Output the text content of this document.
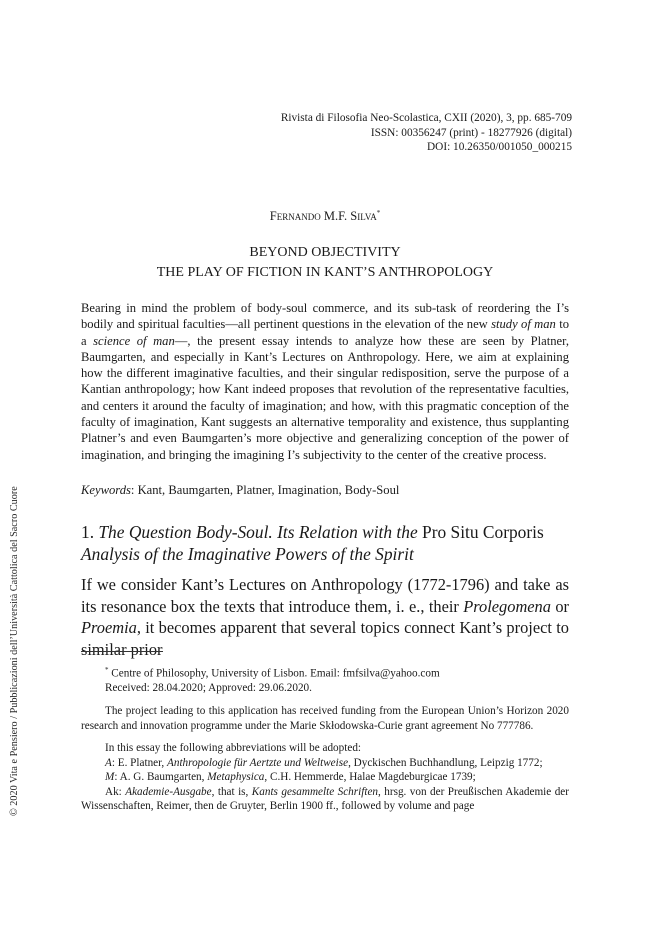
© 2020 Vita e Pensiero / Pubblicazioni dell’Università Cattolica del Sacro Cuore
Rivista di Filosofia Neo-Scolastica, CXII (2020), 3, pp. 685-709
ISSN: 00356247 (print) - 18277926 (digital)
DOI: 10.26350/001050_000215
Fernando M.F. Silva*
BEYOND OBJECTIVITY
THE PLAY OF FICTION IN KANT’S ANTHROPOLOGY
Bearing in mind the problem of body-soul commerce, and its sub-task of reordering the I’s bodily and spiritual faculties—all pertinent questions in the elevation of the new study of man to a science of man—, the present essay intends to analyze how these are seen by Platner, Baumgarten, and especially in Kant’s Lectures on Anthropology. Here, we aim at explaining how the different imaginative faculties, and their singular redisposition, serve the purpose of a Kantian anthropology; how Kant indeed proposes that revolution of the representative faculties, and centers it around the faculty of imagination; and how, with this pragmatic conception of the faculty of imagination, Kant suggests an alternative temporality and existence, thus supplanting Platner’s and even Baumgarten’s more objective and generalizing conception of the power of imagination, and bringing the imagining I’s subjectivity to the center of the creative process.
Keywords: Kant, Baumgarten, Platner, Imagination, Body-Soul
1. The Question Body-Soul. Its Relation with the Pro Situ Corporis Analysis of the Imaginative Powers of the Spirit
If we consider Kant’s Lectures on Anthropology (1772-1796) and take as its resonance box the texts that introduce them, i. e., their Prolegomena or Proemia, it becomes apparent that several topics connect Kant’s project to similar prior

* Centre of Philosophy, University of Lisbon. Email: fmfsilva@yahoo.com

Received: 28.04.2020; Approved: 29.06.2020.

The project leading to this application has received funding from the European Union’s Horizon 2020 research and innovation programme under the Marie Skłodowska-Curie grant agreement No 777786.

In this essay the following abbreviations will be adopted:

A: E. Platner, Anthropologie für Aertzte und Weltweise, Dyckischen Buchhandlung, Leipzig 1772;

M: A. G. Baumgarten, Metaphysica, C.H. Hemmerde, Halae Magdeburgicae 1739;

Ak: Akademie-Ausgabe, that is, Kants gesammelte Schriften, hrsg. von der Preußischen Akademie der Wissenschaften, Reimer, then de Gruyter, Berlin 1900 ff., followed by volume and page
